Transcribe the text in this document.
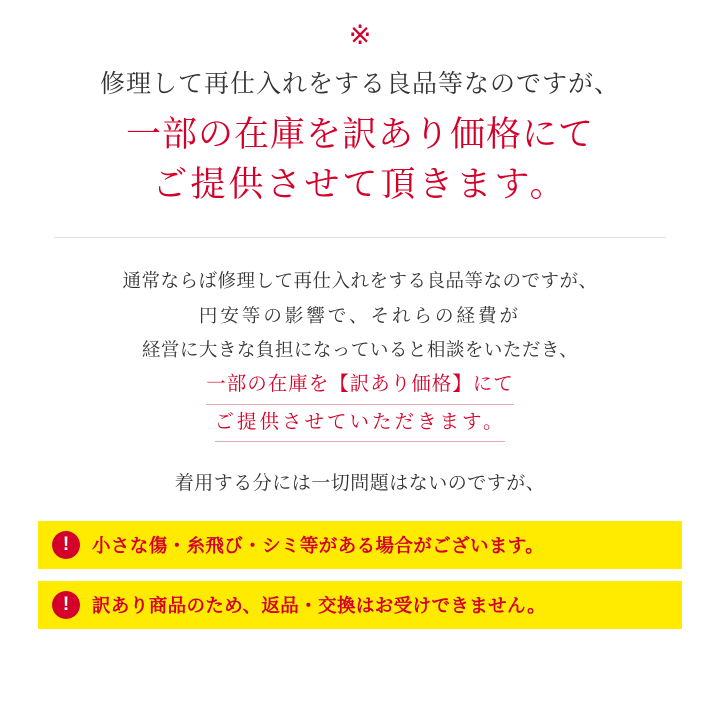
※
修理して再仕入れをする良品等なのですが、
一部の在庫を訳あり価格にて
ご提供させて頂きます。

通常ならば修理して再仕入れをする良品等なのですが、

円安等の影響で、それらの経費が

経営に大きな負担になっていると相談をいただき、

一部の在庫を【訳あり価格】にて
ご提供させていただきます。
着用する分には一切問題はないのですが、
!	小さな傷・糸飛び・シミ等がある場合がございます。
!	訳あり商品のため、返品・交換はお受けできません。
